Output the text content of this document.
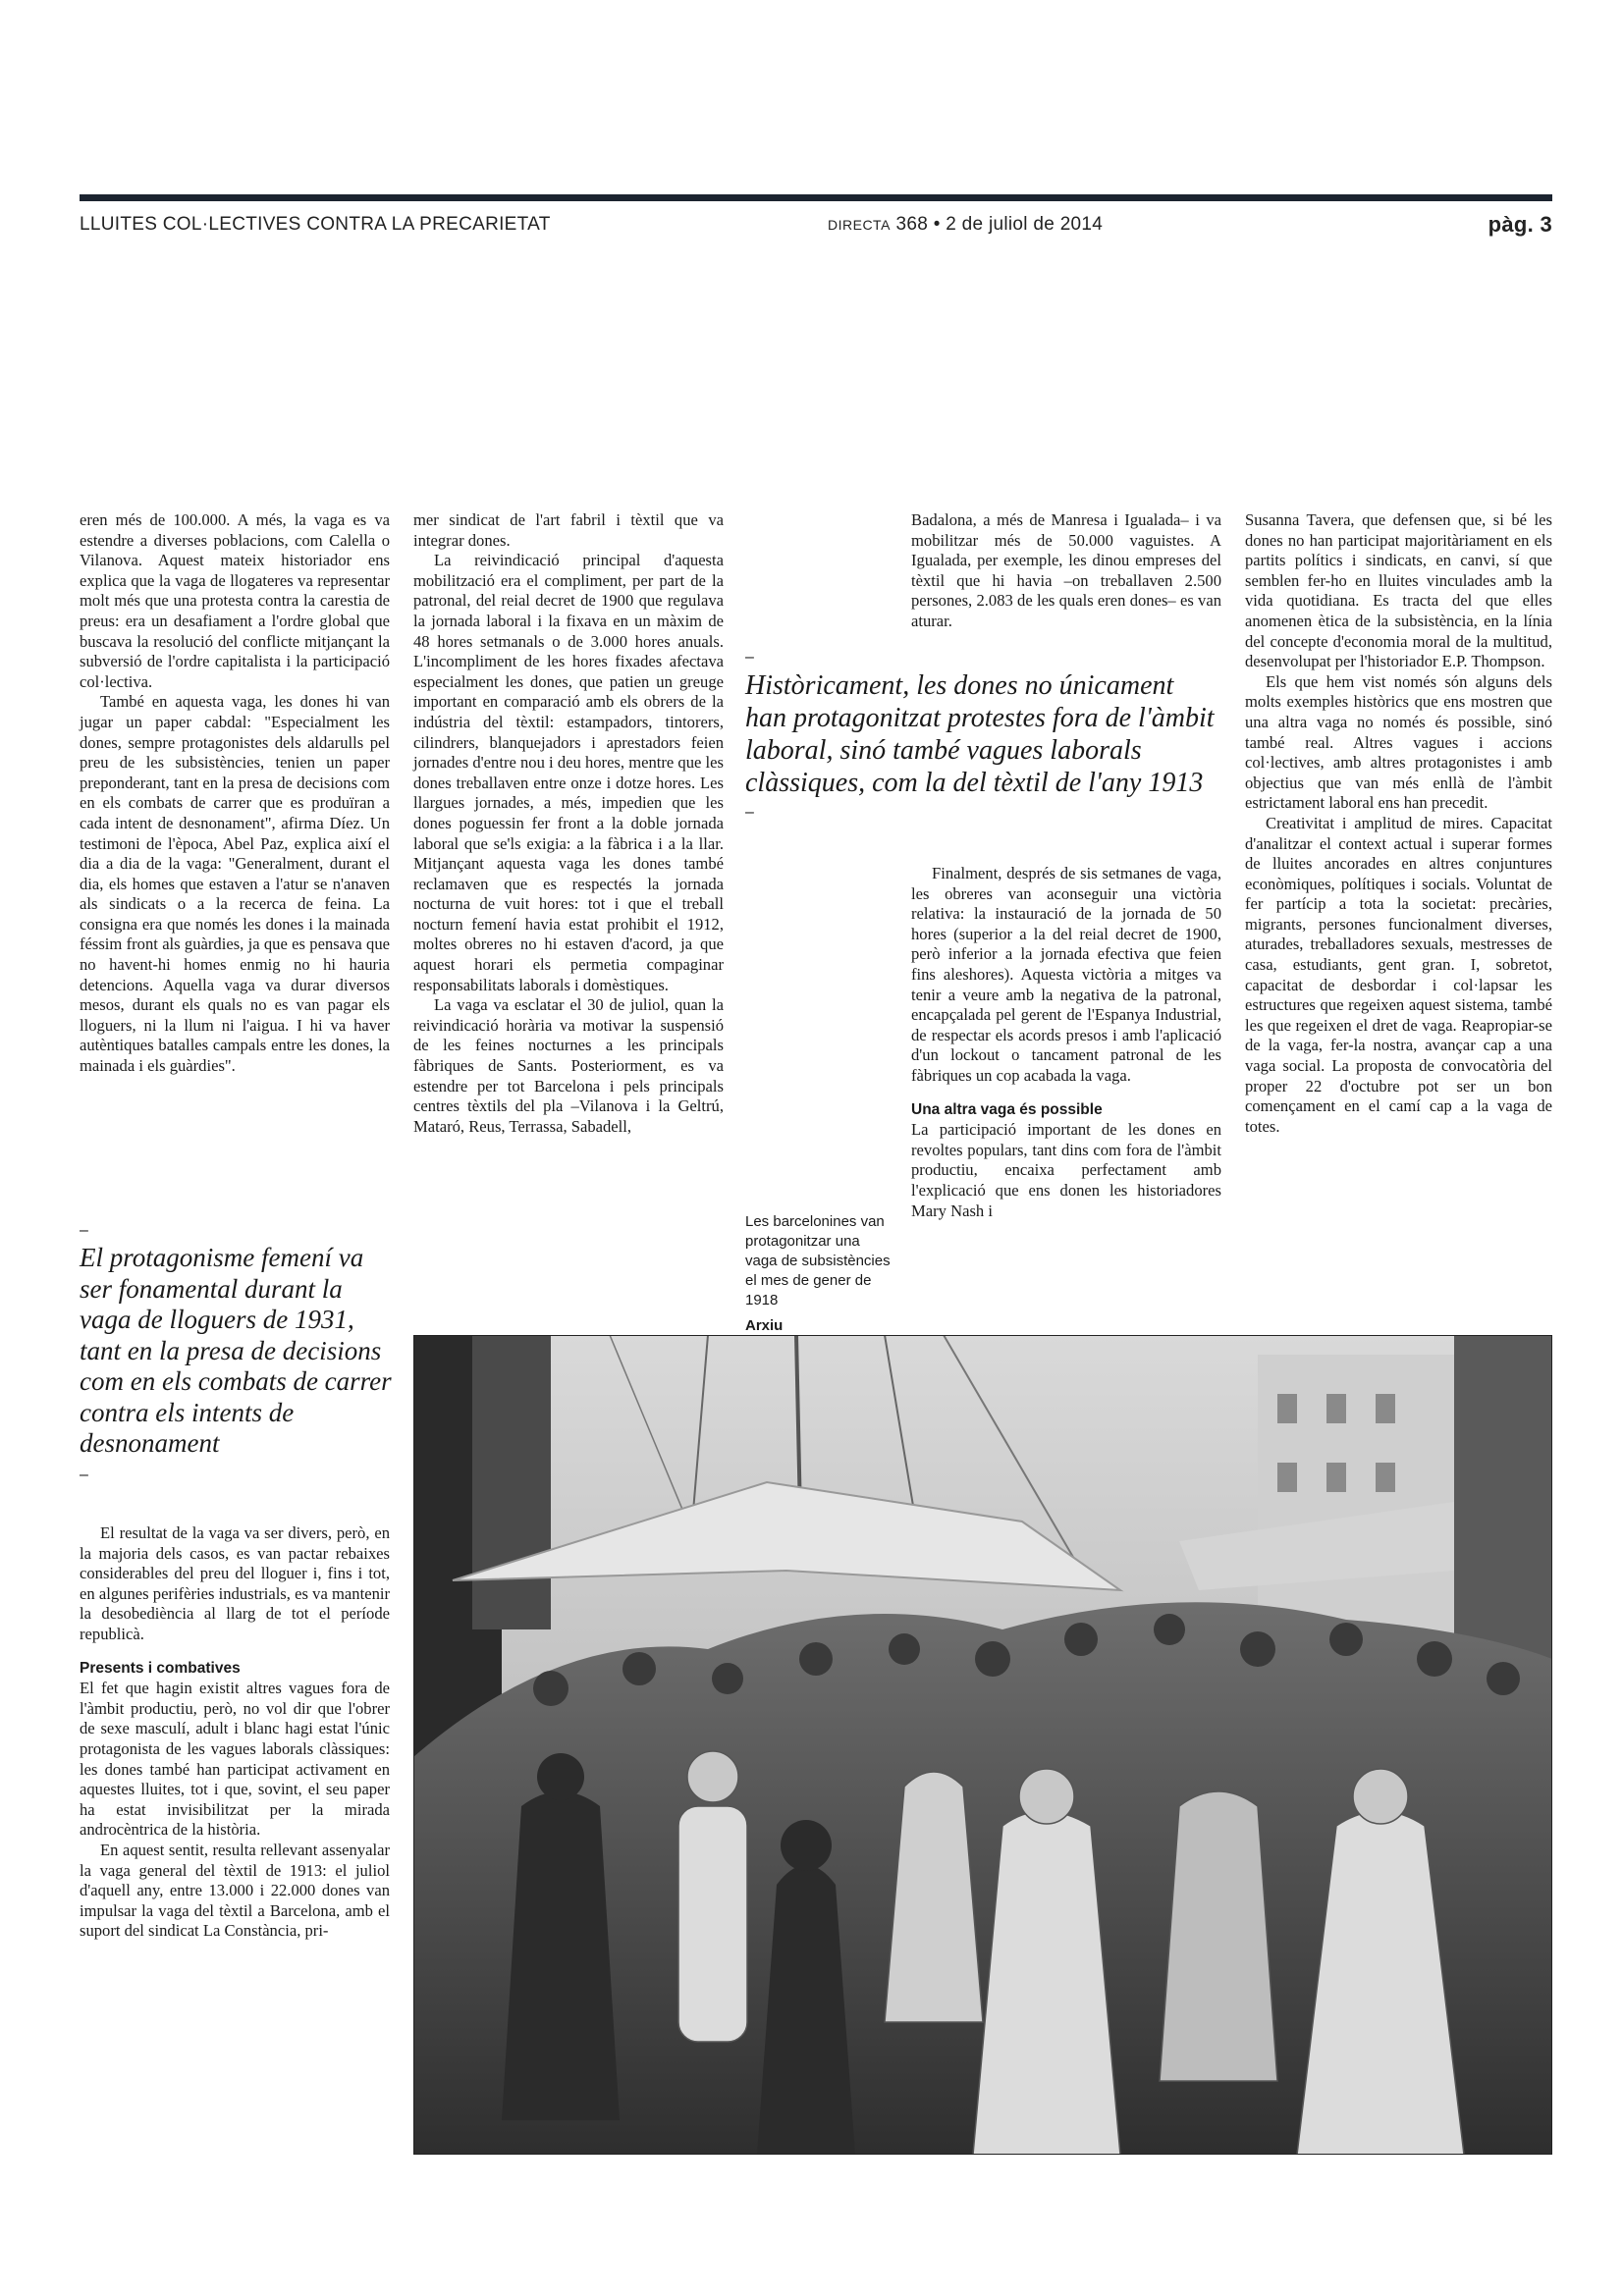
LLUITES COL·LECTIVES CONTRA LA PRECARIETAT	DIRECTA 368 • 2 de juliol de 2014	pàg. 3

eren més de 100.000. A més, la vaga es va estendre a diverses poblacions, com Calella o Vilanova. Aquest mateix historiador ens explica que la vaga de llogateres va representar molt més que una protesta contra la carestia de preus: era un desafiament a l'ordre global que buscava la resolució del conflicte mitjançant la subversió de l'ordre capitalista i la participació col·lectiva.

També en aquesta vaga, les dones hi van jugar un paper cabdal: "Especialment les dones, sempre protagonistes dels aldarulls pel preu de les subsistències, tenien un paper preponderant, tant en la presa de decisions com en els combats de carrer que es produïran a cada intent de desnonament", afirma Díez. Un testimoni de l'època, Abel Paz, explica així el dia a dia de la vaga: "Generalment, durant el dia, els homes que estaven a l'atur se n'anaven als sindicats o a la recerca de feina. La consigna era que només les dones i la mainada féssim front als guàrdies, ja que es pensava que no havent-hi homes enmig no hi hauria detencions. Aquella vaga va durar diversos mesos, durant els quals no es van pagar els lloguers, ni la llum ni l'aigua. I hi va haver autèntiques batalles campals entre les dones, la mainada i els guàrdies".

–
El protagonisme femení va ser fonamental durant la vaga de lloguers de 1931, tant en la presa de decisions com en els combats de carrer contra els intents de desnonament
–

El resultat de la vaga va ser divers, però, en la majoria dels casos, es van pactar rebaixes considerables del preu del lloguer i, fins i tot, en algunes perifèries industrials, es va mantenir la desobediència al llarg de tot el període republicà.

Presents i combatives

El fet que hagin existit altres vagues fora de l'àmbit productiu, però, no vol dir que l'obrer de sexe masculí, adult i blanc hagi estat l'únic protagonista de les vagues laborals clàssiques: les dones també han participat activament en aquestes lluites, tot i que, sovint, el seu paper ha estat invisibilitzat per la mirada androcèntrica de la història.

En aquest sentit, resulta rellevant assenyalar la vaga general del tèxtil de 1913: el juliol d'aquell any, entre 13.000 i 22.000 dones van impulsar la vaga del tèxtil a Barcelona, amb el suport del sindicat La Constància, pri-

mer sindicat de l'art fabril i tèxtil que va integrar dones.

La reivindicació principal d'aquesta mobilització era el compliment, per part de la patronal, del reial decret de 1900 que regulava la jornada laboral i la fixava en un màxim de 48 hores setmanals o de 3.000 hores anuals. L'incompliment de les hores fixades afectava especialment les dones, que patien un greuge important en comparació amb els obrers de la indústria del tèxtil: estampadors, tintorers, cilindrers, blanquejadors i aprestadors feien jornades d'entre nou i deu hores, mentre que les dones treballaven entre onze i dotze hores. Les llargues jornades, a més, impedien que les dones poguessin fer front a la doble jornada laboral que se'ls exigia: a la fàbrica i a la llar. Mitjançant aquesta vaga les dones també reclamaven que es respectés la jornada nocturna de vuit hores: tot i que el treball nocturn femení havia estat prohibit el 1912, moltes obreres no hi estaven d'acord, ja que aquest horari els permetia compaginar responsabilitats laborals i domèstiques.

La vaga va esclatar el 30 de juliol, quan la reivindicació horària va motivar la suspensió de les feines nocturnes a les principals fàbriques de Sants. Posteriorment, es va estendre per tot Barcelona i pels principals centres tèxtils del pla –Vilanova i la Geltrú, Mataró, Reus, Terrassa, Sabadell,

Badalona, a més de Manresa i Igualada– i va mobilitzar més de 50.000 vaguistes. A Igualada, per exemple, les dinou empreses del tèxtil que hi havia –on treballaven 2.500 persones, 2.083 de les quals eren dones– es van aturar.

–
Històricament, les dones no únicament han protagonitzat protestes fora de l'àmbit laboral, sinó també vagues laborals clàssiques, com la del tèxtil de l'any 1913
–

Finalment, després de sis setmanes de vaga, les obreres van aconseguir una victòria relativa: la instauració de la jornada de 50 hores (superior a la del reial decret de 1900, però inferior a la jornada efectiva que feien fins aleshores). Aquesta victòria a mitges va tenir a veure amb la negativa de la patronal, encapçalada pel gerent de l'Espanya Industrial, de respectar els acords presos i amb l'aplicació d'un lockout o tancament patronal de les fàbriques un cop acabada la vaga.

Una altra vaga és possible

La participació important de les dones en revoltes populars, tant dins com fora de l'àmbit productiu, encaixa perfectament amb l'explicació que ens donen les historiadores Mary Nash i

Susanna Tavera, que defensen que, si bé les dones no han participat majoritàriament en els partits polítics i sindicats, en canvi, sí que semblen fer-ho en lluites vinculades amb la vida quotidiana. Es tracta del que elles anomenen ètica de la subsistència, en la línia del concepte d'economia moral de la multitud, desenvolupat per l'historiador E.P. Thompson.

Els que hem vist només són alguns dels molts exemples històrics que ens mostren que una altra vaga no només és possible, sinó també real. Altres vagues i accions col·lectives, amb altres protagonistes i amb objectius que van més enllà de l'àmbit estrictament laboral ens han precedit.

Creativitat i amplitud de mires. Capacitat d'analitzar el context actual i superar formes de lluites ancorades en altres conjuntures econòmiques, polítiques i socials. Voluntat de fer partícip a tota la societat: precàries, migrants, persones funcionalment diverses, aturades, treballadores sexuals, mestresses de casa, estudiants, gent gran. I, sobretot, capacitat de desbordar i col·lapsar les estructures que regeixen aquest sistema, també les que regeixen el dret de vaga. Reapropiar-se de la vaga, fer-la nostra, avançar cap a una vaga social. La proposta de convocatòria del proper 22 d'octubre pot ser un bon començament en el camí cap a la vaga de totes.

Les barcelonines van protagonitzar una vaga de subsistències el mes de gener de 1918
Arxiu
